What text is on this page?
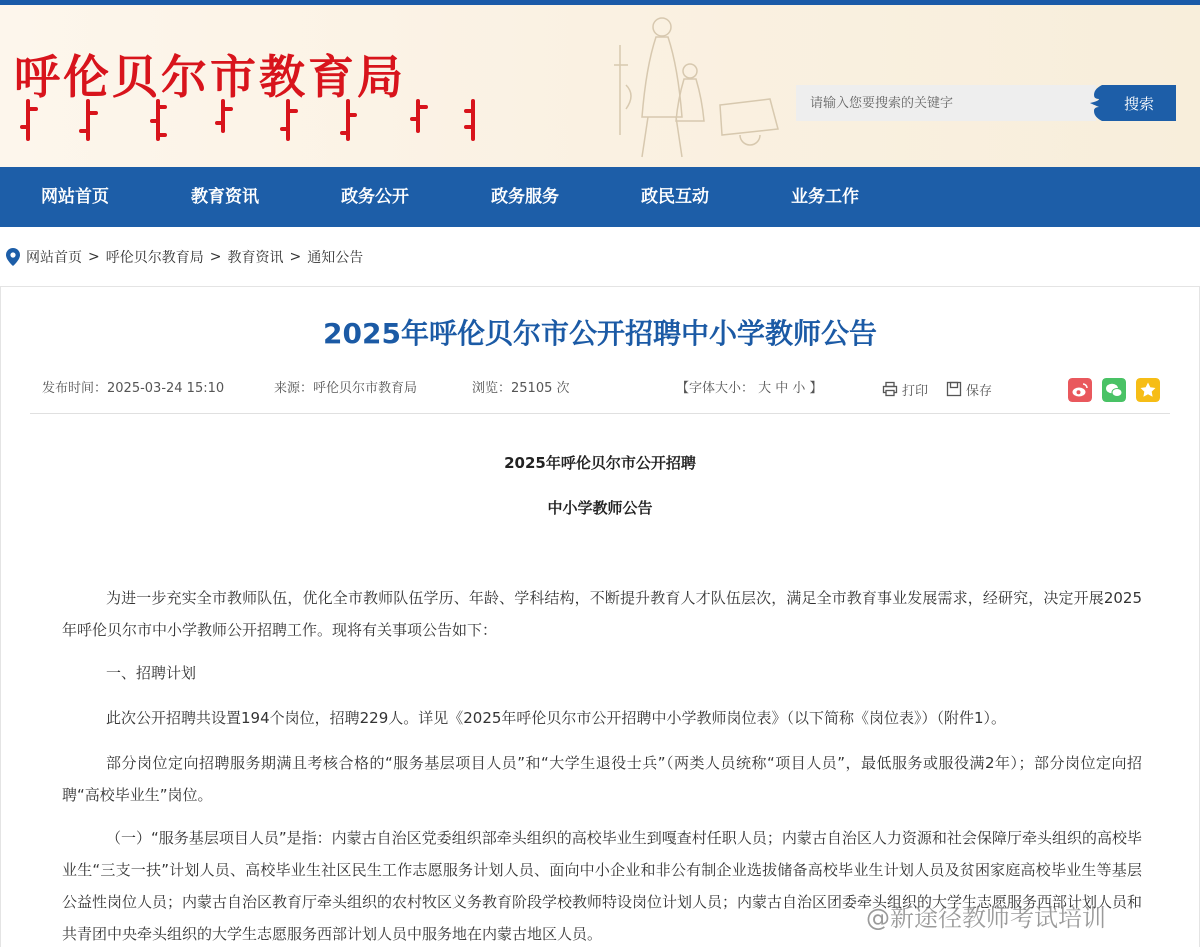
呼伦贝尔市教育局
请输入您要搜索的关键字	搜索
网站首页	教育资讯	政务公开	政务服务	政民互动	业务工作
网站首页 > 呼伦贝尔教育局 > 教育资讯 > 通知公告
2025年呼伦贝尔市公开招聘中小学教师公告
发布时间：2025-03-24 15:10	来源：呼伦贝尔市教育局	浏览：25105 次	【字体大小： 大 中 小 】	打印	保存
2025年呼伦贝尔市公开招聘
中小学教师公告

为进一步充实全市教师队伍，优化全市教师队伍学历、年龄、学科结构，不断提升教育人才队伍层次，满足全市教育事业发展需求，经研究，决定开展2025年呼伦贝尔市中小学教师公开招聘工作。现将有关事项公告如下：

一、招聘计划

此次公开招聘共设置194个岗位，招聘229人。详见《2025年呼伦贝尔市公开招聘中小学教师岗位表》（以下简称《岗位表》）（附件1）。

部分岗位定向招聘服务期满且考核合格的“服务基层项目人员”和“大学生退役士兵”（两类人员统称“项目人员”，最低服务或服役满2年）；部分岗位定向招聘“高校毕业生”岗位。

（一）“服务基层项目人员”是指：内蒙古自治区党委组织部牵头组织的高校毕业生到嘎查村任职人员；内蒙古自治区人力资源和社会保障厅牵头组织的高校毕业生“三支一扶”计划人员、高校毕业生社区民生工作志愿服务计划人员、面向中小企业和非公有制企业选拔储备高校毕业生计划人员及贫困家庭高校毕业生等基层公益性岗位人员；内蒙古自治区教育厅牵头组织的农村牧区义务教育阶段学校教师特设岗位计划人员；内蒙古自治区团委牵头组织的大学生志愿服务西部计划人员和共青团中央牵头组织的大学生志愿服务西部计划人员中服务地在内蒙古地区人员。

@新途径教师考试培训
